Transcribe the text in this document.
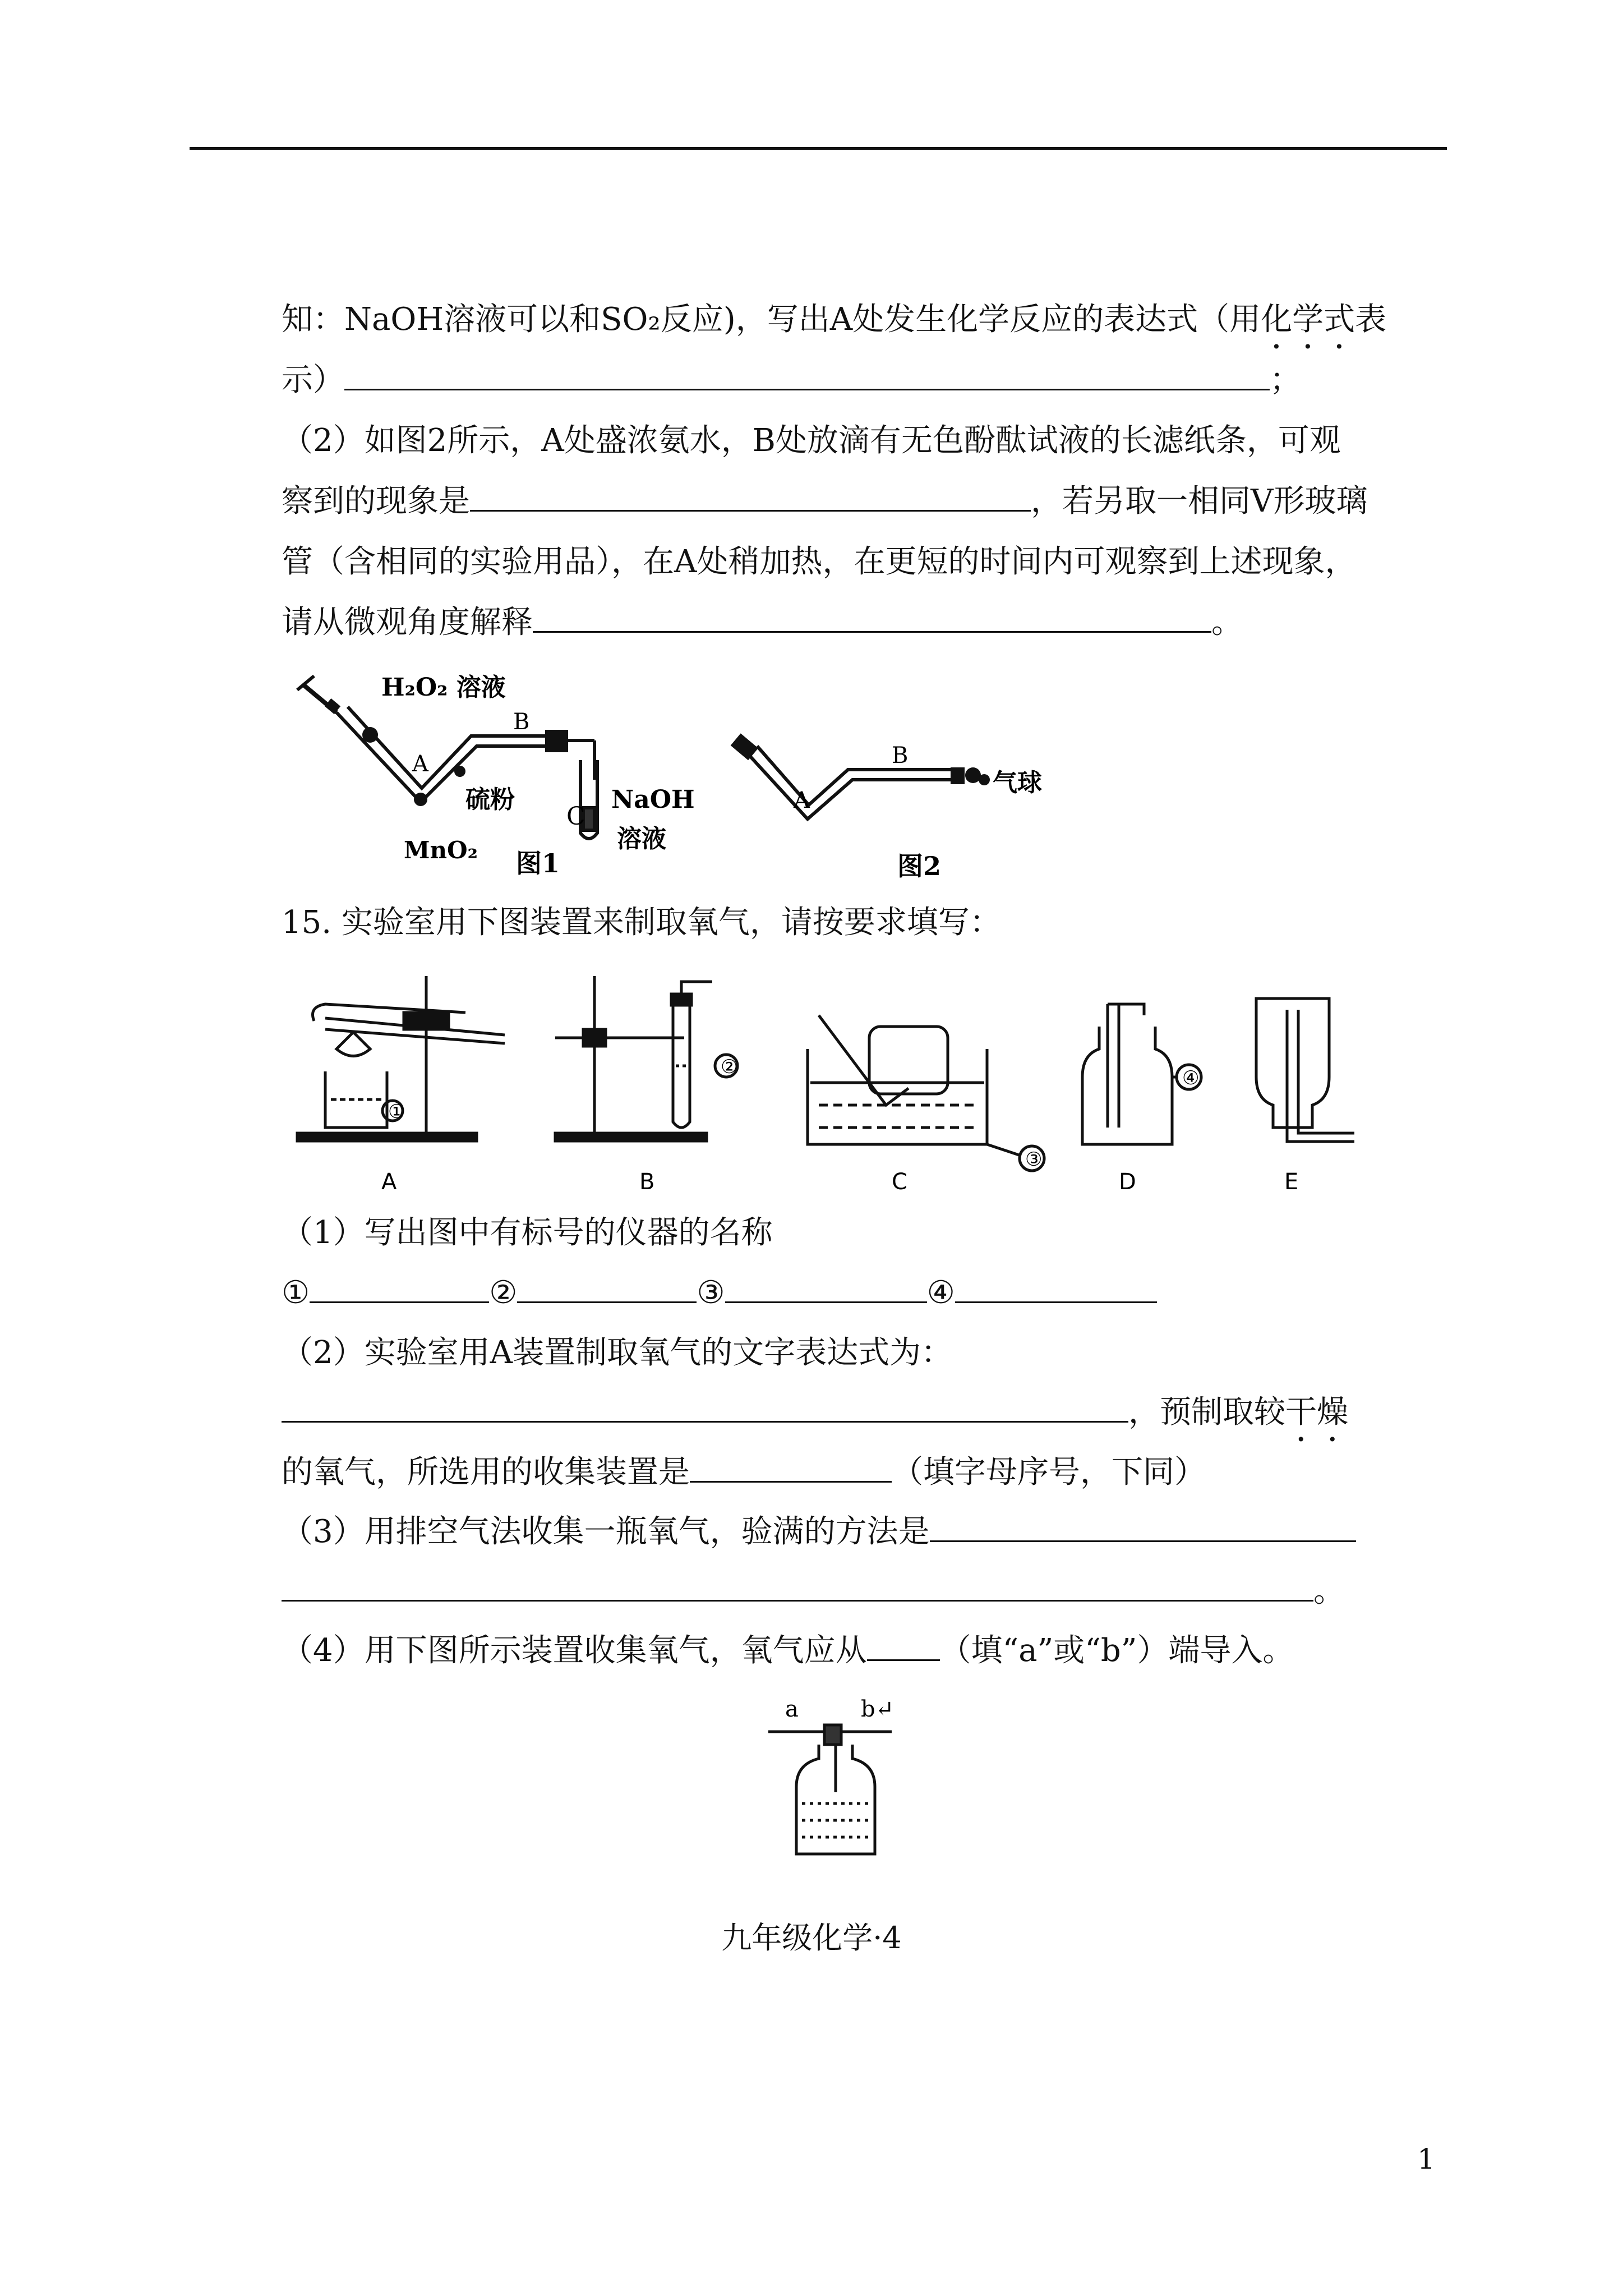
知：NaOH溶液可以和SO₂反应)，写出A处发生化学反应的表达式（用化学式表
示）	；
（2）如图2所示，A处盛浓氨水，B处放滴有无色酚酞试液的长滤纸条，可观
察到的现象是	，若另取一相同V形玻璃
管（含相同的实验用品），在A处稍加热，在更短的时间内可观察到上述现象，
请从微观角度解释	。
H₂O₂ 溶液
A
B
C
硫粉
MnO₂
NaOH
溶液
图1
A
B
气球
图2
15. 实验室用下图装置来制取氧气，请按要求填写：
①
②
③
④
A	B	C	D	E
（1）写出图中有标号的仪器的名称
①	②	③	④
（2）实验室用A装置制取氧气的文字表达式为：
，预制取较干燥
的氧气，所选用的收集装置是	（填字母序号，下同）
（3）用排空气法收集一瓶氧气，验满的方法是
。
（4）用下图所示装置收集氧气，氧气应从 （填“a”或“b”）端导入。
a	b↵
九年级化学·4
1
